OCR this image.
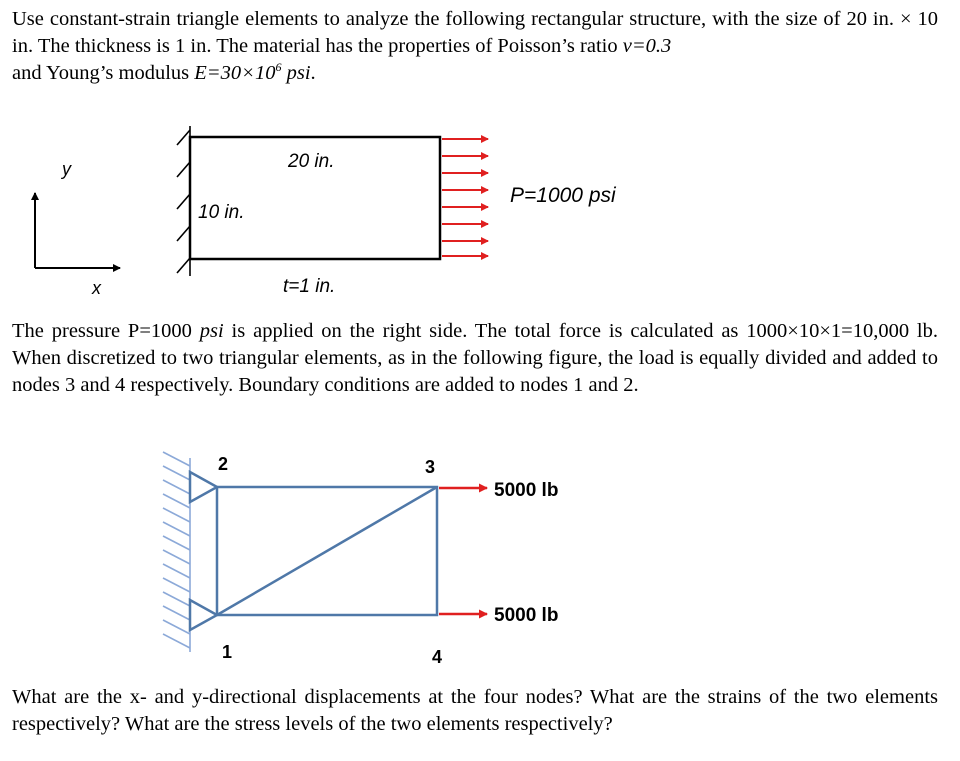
Use constant-strain triangle elements to analyze the following rectangular structure, with the size of 20 in. × 10 in. The thickness is 1 in. The material has the properties of Poisson’s ratio ν=0.3
and Young’s modulus $E=30\times 10^6$ psi.

The pressure P=1000 psi is applied on the right side. The total force is calculated as 1000×10×1=10,000 lb. When discretized to two triangular elements, as in the following figure, the load is equally divided and added to nodes 3 and 4 respectively. Boundary conditions are added to nodes 1 and 2.

What are the x- and y-directional displacements at the four nodes? What are the strains of the two elements respectively? What are the stress levels of the two elements respectively?

y
x
20 in.
10 in.
t=1 in.
P=1000 psi
2	3
1	4
5000 lb
5000 lb
